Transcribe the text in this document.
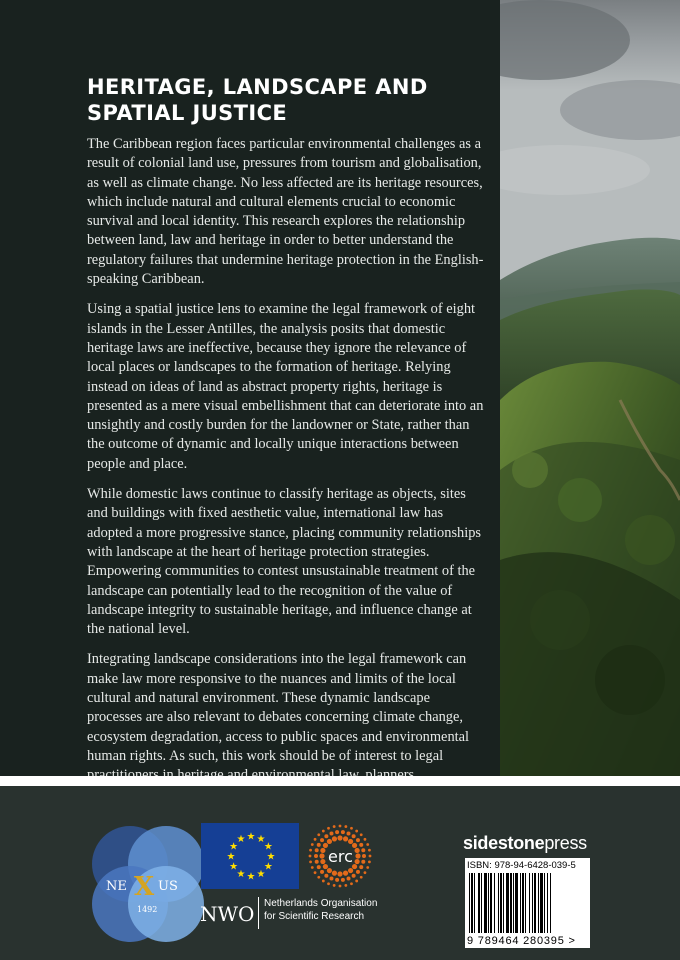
HERITAGE, LANDSCAPE AND
SPATIAL JUSTICE

The Caribbean region faces particular environmental challenges as a result of colonial land use, pressures from tourism and globalisation, as well as climate change. No less affected are its heritage resources, which include natural and cultural elements crucial to economic survival and local identity. This research explores the relationship between land, law and heritage in order to better understand the regulatory failures that undermine heritage protection in the English-speaking Caribbean.

Using a spatial justice lens to examine the legal framework of eight islands in the Lesser Antilles, the analysis posits that domestic heritage laws are ineffective, because they ignore the relevance of local places or landscapes to the formation of heritage. Relying instead on ideas of land as abstract property rights, heritage is presented as a mere visual embellishment that can deteriorate into an unsightly and costly burden for the landowner or State, rather than the outcome of dynamic and locally unique interactions between people and place.

While domestic laws continue to classify heritage as objects, sites and buildings with fixed aesthetic value, international law has adopted a more progressive stance, placing community relationships with landscape at the heart of heritage protection strategies. Empowering communities to contest unsustainable treatment of the landscape can potentially lead to the recognition of the value of landscape integrity to sustainable heritage, and influence change at the national level.

Integrating landscape considerations into the legal framework can make law more responsive to the nuances and limits of the local cultural and natural environment. These dynamic landscape processes are also relevant to debates concerning climate change, ecosystem degradation, access to public spaces and environmental human rights. As such, this work should be of interest to legal

NE X US
1492
★ ★
★
★
★
★
★
★
★
★
★
★
erc
NWO Netherlands Organisation
for Scientific Research
sidestonepress
ISBN: 978-94-6428-039-5
9 789464 280395 >
